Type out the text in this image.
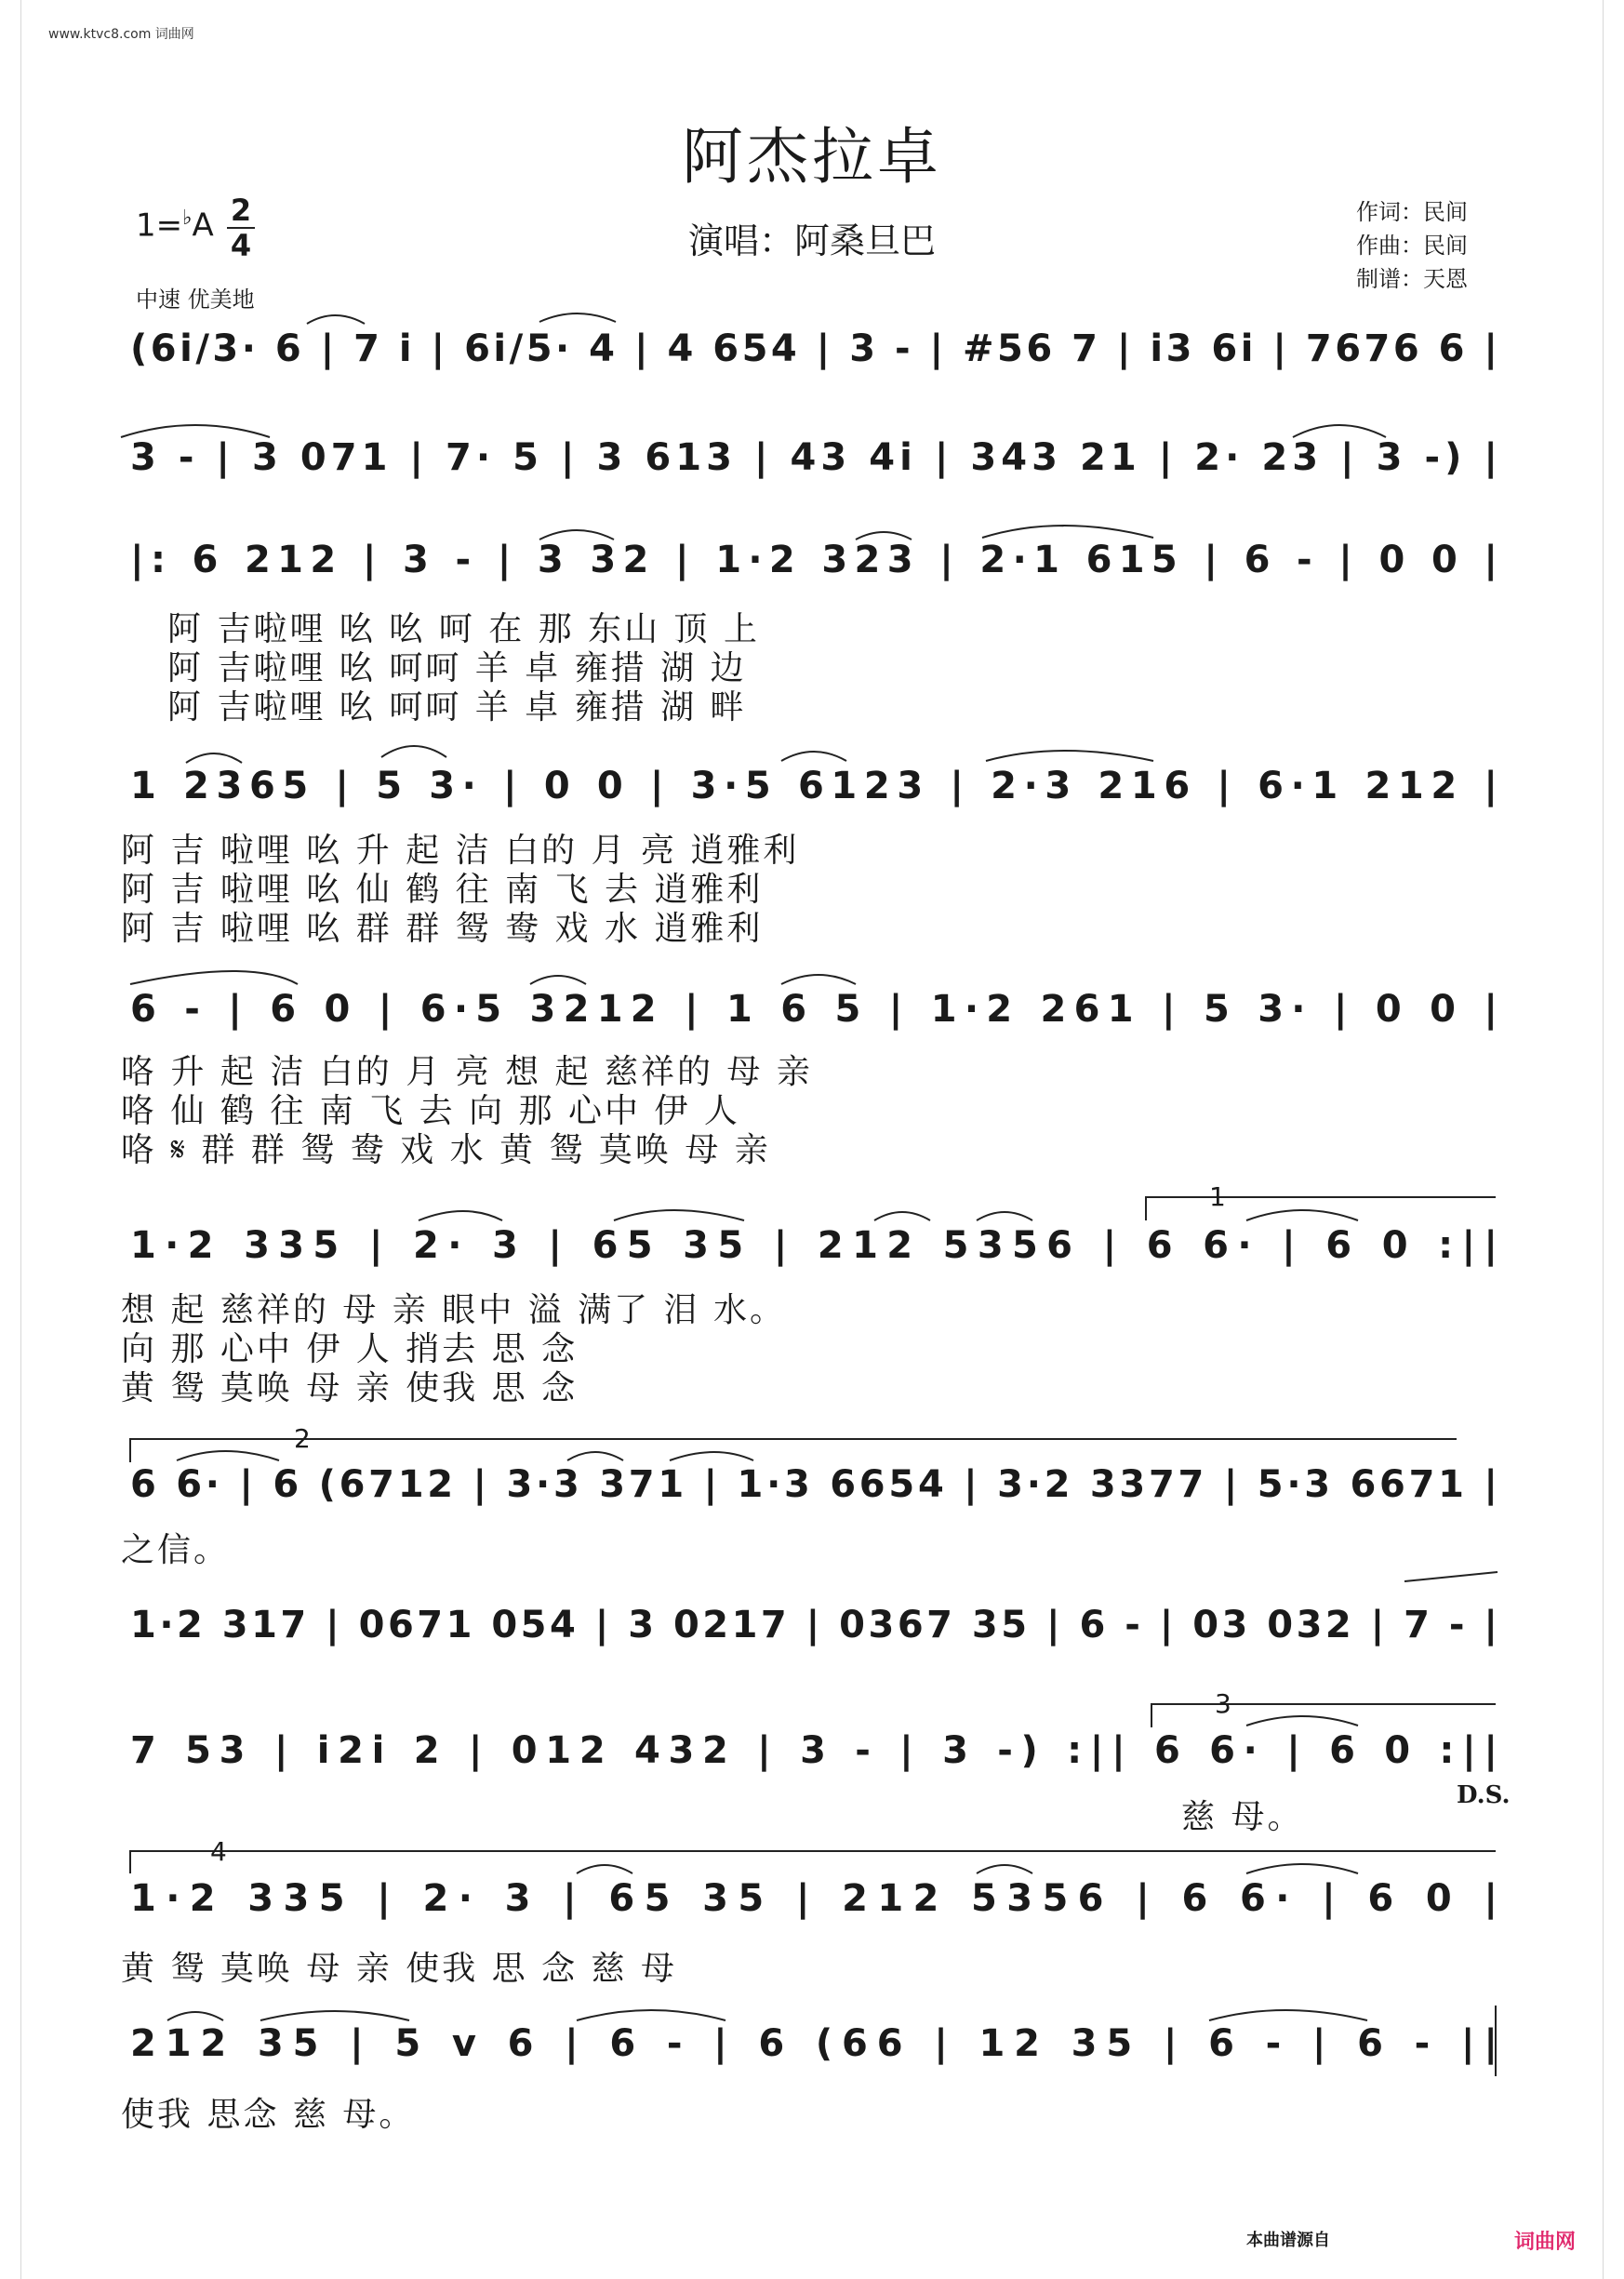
www.ktvc8.com 词曲网
阿杰拉卓
演唱：阿桑旦巴
1=♭A 2
4
中速 优美地
作词：民间
作曲：民间
制谱：天恩
(6i/3· 6 | 7 i | 6i/5· 4 | 4 654 | 3 - | #56 7 | i3 6i | 7676 6 |
3 - | 3 071 | 7· 5 | 3 613 | 43 4i | 343 21 | 2· 23 | 3 -) |
|: 6 212 | 3 - | 3 32 | 1·2 323 | 2·1 615 | 6 - | 0 0 |
1 2365 | 5 3· | 0 0 | 3·5 6123 | 2·3 216 | 6·1 212 |
6 - | 6 0 | 6·5 3212 | 1 6 5 | 1·2 261 | 5 3· | 0 0 |
1·2 335 | 2· 3 | 65 35 | 212 5356 | 6 6· | 6 0 :||
6 6· | 6 (6712 | 3·3 371 | 1·3 6654 | 3·2 3377 | 5·3 6671 |
1·2 317 | 0671 054 | 3 0217 | 0367 35 | 6 - | 03 032 | 7 - |
7 53 | i2i 2 | 012 432 | 3 - | 3 -) :|| 6 6· | 6 0 :||
1·2 335 | 2· 3 | 65 35 | 212 5356 | 6 6· | 6 0 |
212 35 | 5 v 6 | 6 - | 6 (66 | 12 35 | 6 - | 6 - ||
1
2
3
4
阿 吉啦哩 吆 吆 呵 在 那 东山 顶 上
阿 吉啦哩 吆 呵呵 羊 卓 雍措 湖 边
阿 吉啦哩 吆 呵呵 羊 卓 雍措 湖 畔
阿 吉 啦哩 吆 升 起 洁 白的 月 亮 逍雅利
阿 吉 啦哩 吆 仙 鹤 往 南 飞 去 逍雅利
阿 吉 啦哩 吆 群 群 鸳 鸯 戏 水 逍雅利
咯 升 起 洁 白的 月 亮 想 起 慈祥的 母 亲
咯 仙 鹤 往 南 飞 去 向 那 心中 伊 人
咯 𝄋 群 群 鸳 鸯 戏 水 黄 鸳 莫唤 母 亲
想 起 慈祥的 母 亲 眼中 溢 满了 泪 水。
向 那 心中 伊 人 捎去 思 念
黄 鸳 莫唤 母 亲 使我 思 念
之信。
慈 母。
D.S.
黄 鸳 莫唤 母 亲 使我 思 念 慈 母
使我 思念 慈 母。
本曲谱源自	词曲网
